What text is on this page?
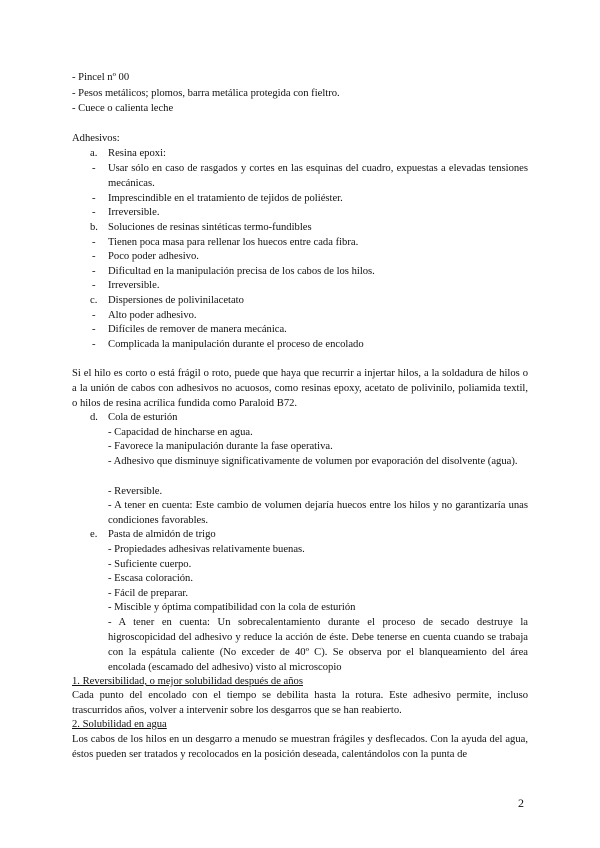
- Pincel nº 00
- Pesos metálicos; plomos, barra metálica protegida con fieltro.
- Cuece o calienta leche
Adhesivos:
a. Resina epoxi:
- Usar sólo en caso de rasgados y cortes en las esquinas del cuadro, expuestas a elevadas tensiones mecánicas.
- Imprescindible en el tratamiento de tejidos de poliéster.
- Irreversible.
b. Soluciones de resinas sintéticas termo-fundibles
- Tienen poca masa para rellenar los huecos entre cada fibra.
- Poco poder adhesivo.
- Dificultad en la manipulación precisa de los cabos de los hilos.
- Irreversible.
c. Dispersiones de polivinilacetato
- Alto poder adhesivo.
- Difíciles de remover de manera mecánica.
- Complicada la manipulación durante el proceso de encolado
Si el hilo es corto o está frágil o roto, puede que haya que recurrir a injertar hilos, a la soldadura de hilos o a la unión de cabos con adhesivos no acuosos, como resinas epoxy, acetato de polivinilo, poliamida textil, o hilos de resina acrílica fundida como Paraloid B72.
d. Cola de esturión
- Capacidad de hincharse en agua.
- Favorece la manipulación durante la fase operativa.
- Adhesivo que disminuye significativamente de volumen por evaporación del disolvente (agua).
- Reversible.
- A tener en cuenta: Este cambio de volumen dejaría huecos entre los hilos y no garantizaría unas condiciones favorables.
e. Pasta de almidón de trigo
- Propiedades adhesivas relativamente buenas.
- Suficiente cuerpo.
- Escasa coloración.
- Fácil de preparar.
- Miscible y óptima compatibilidad con la cola de esturión
- A tener en cuenta: Un sobrecalentamiento durante el proceso de secado destruye la higroscopicidad del adhesivo y reduce la acción de éste. Debe tenerse en cuenta cuando se trabaja con la espátula caliente (No exceder de 40º C). Se observa por el blanqueamiento del área encolada (escamado del adhesivo) visto al microscopio
1. Reversibilidad, o mejor solubilidad después de años
Cada punto del encolado con el tiempo se debilita hasta la rotura. Este adhesivo permite, incluso trascurridos años, volver a intervenir sobre los desgarros que se han reabierto.
2. Solubilidad en agua
Los cabos de los hilos en un desgarro a menudo se muestran frágiles y desflecados. Con la ayuda del agua, éstos pueden ser tratados y recolocados en la posición deseada, calentándolos con la punta de
2
